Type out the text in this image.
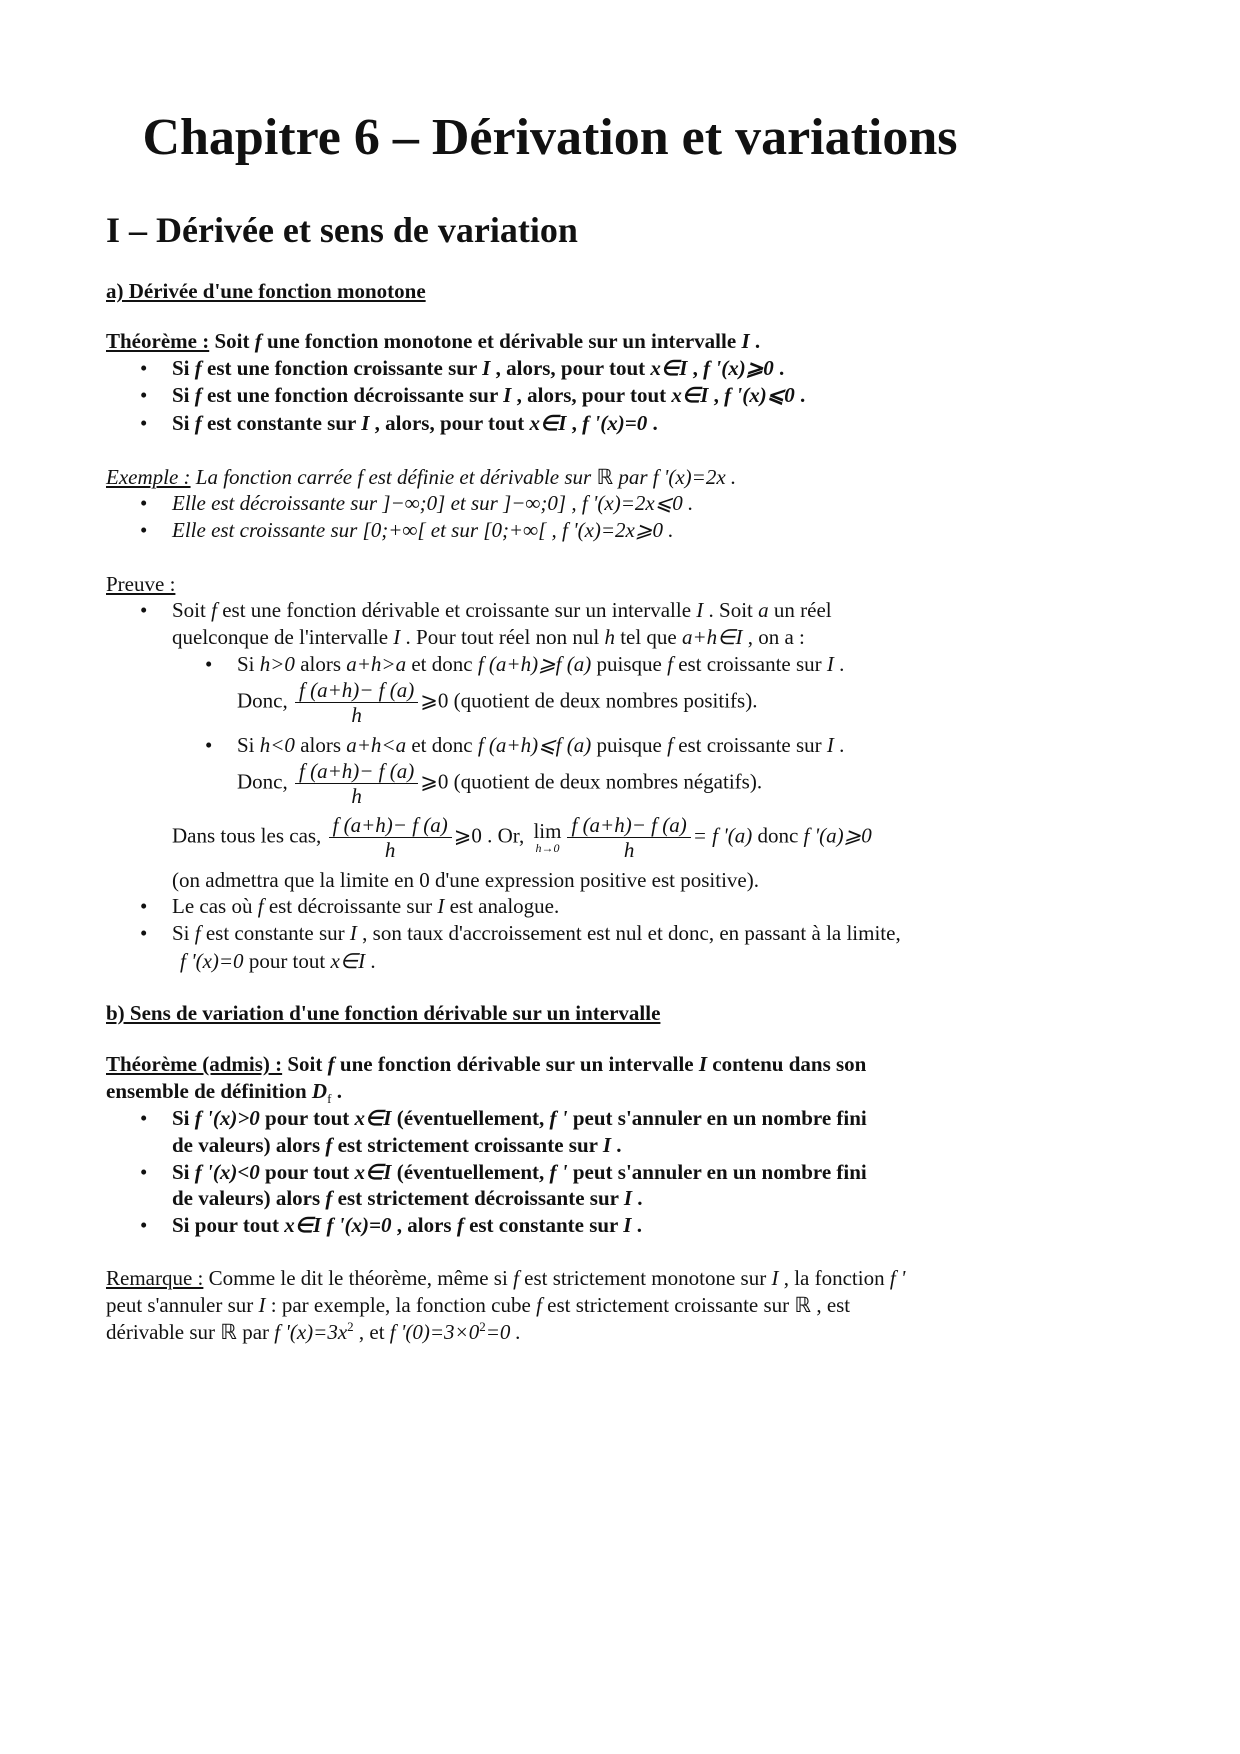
Chapitre 6 – Dérivation et variations
I – Dérivée et sens de variation
a) Dérivée d'une fonction monotone
Théorème : Soit f une fonction monotone et dérivable sur un intervalle I .
• Si f est une fonction croissante sur I , alors, pour tout x∈I , f '(x)⩾0 .
• Si f est une fonction décroissante sur I , alors, pour tout x∈I , f '(x)⩽0 .
• Si f est constante sur I , alors, pour tout x∈I , f '(x)=0 .
Exemple : La fonction carrée f est définie et dérivable sur ℝ par f '(x)=2x .
• Elle est décroissante sur ]−∞;0] et sur ]−∞;0] , f '(x)=2x⩽0 .
• Elle est croissante sur [0;+∞[ et sur [0;+∞[ , f '(x)=2x⩾0 .
Preuve :
• Soit f est une fonction dérivable et croissante sur un intervalle I . Soit a un réel
quelconque de l'intervalle I . Pour tout réel non nul h tel que a+h∈I , on a :
• Si h>0 alors a+h>a et donc f (a+h)⩾f (a) puisque f est croissante sur I .
Donc, $\frac{f (a+h)- f (a)}{h}$ ⩾0 (quotient de deux nombres positifs).
• Si h<0 alors a+h<a et donc f (a+h)⩽f (a) puisque f est croissante sur I .
Donc, $\frac{f (a+h)- f (a)}{h}$ ⩾0 (quotient de deux nombres négatifs).
Dans tous les cas, $\frac{f (a+h)- f (a)}{h}$ ⩾0 . Or, lim
$h\to 0 \frac{f (a+h)- f (a)}{h} = f$ '(a) donc f '(a)⩾0
(on admettra que la limite en 0 d'une expression positive est positive).
• Le cas où f est décroissante sur I est analogue.
• Si f est constante sur I , son taux d'accroissement est nul et donc, en passant à la limite,
f '(x)=0 pour tout x∈I .
b) Sens de variation d'une fonction dérivable sur un intervalle
Théorème (admis) : Soit f une fonction dérivable sur un intervalle I contenu dans son
ensemble de définition $D_f$ .
• Si f '(x)>0 pour tout x∈I (éventuellement, f ' peut s'annuler en un nombre fini
de valeurs) alors f est strictement croissante sur I .
• Si f '(x)<0 pour tout x∈I (éventuellement, f ' peut s'annuler en un nombre fini
de valeurs) alors f est strictement décroissante sur I .
• Si pour tout x∈I f '(x)=0 , alors f est constante sur I .
Remarque : Comme le dit le théorème, même si f est strictement monotone sur I , la fonction f '
peut s'annuler sur I : par exemple, la fonction cube f est strictement croissante sur ℝ , est
dérivable sur ℝ par f '$(x)=3x^2$ , et f '$(0)=3\times 0^2=0$ .
